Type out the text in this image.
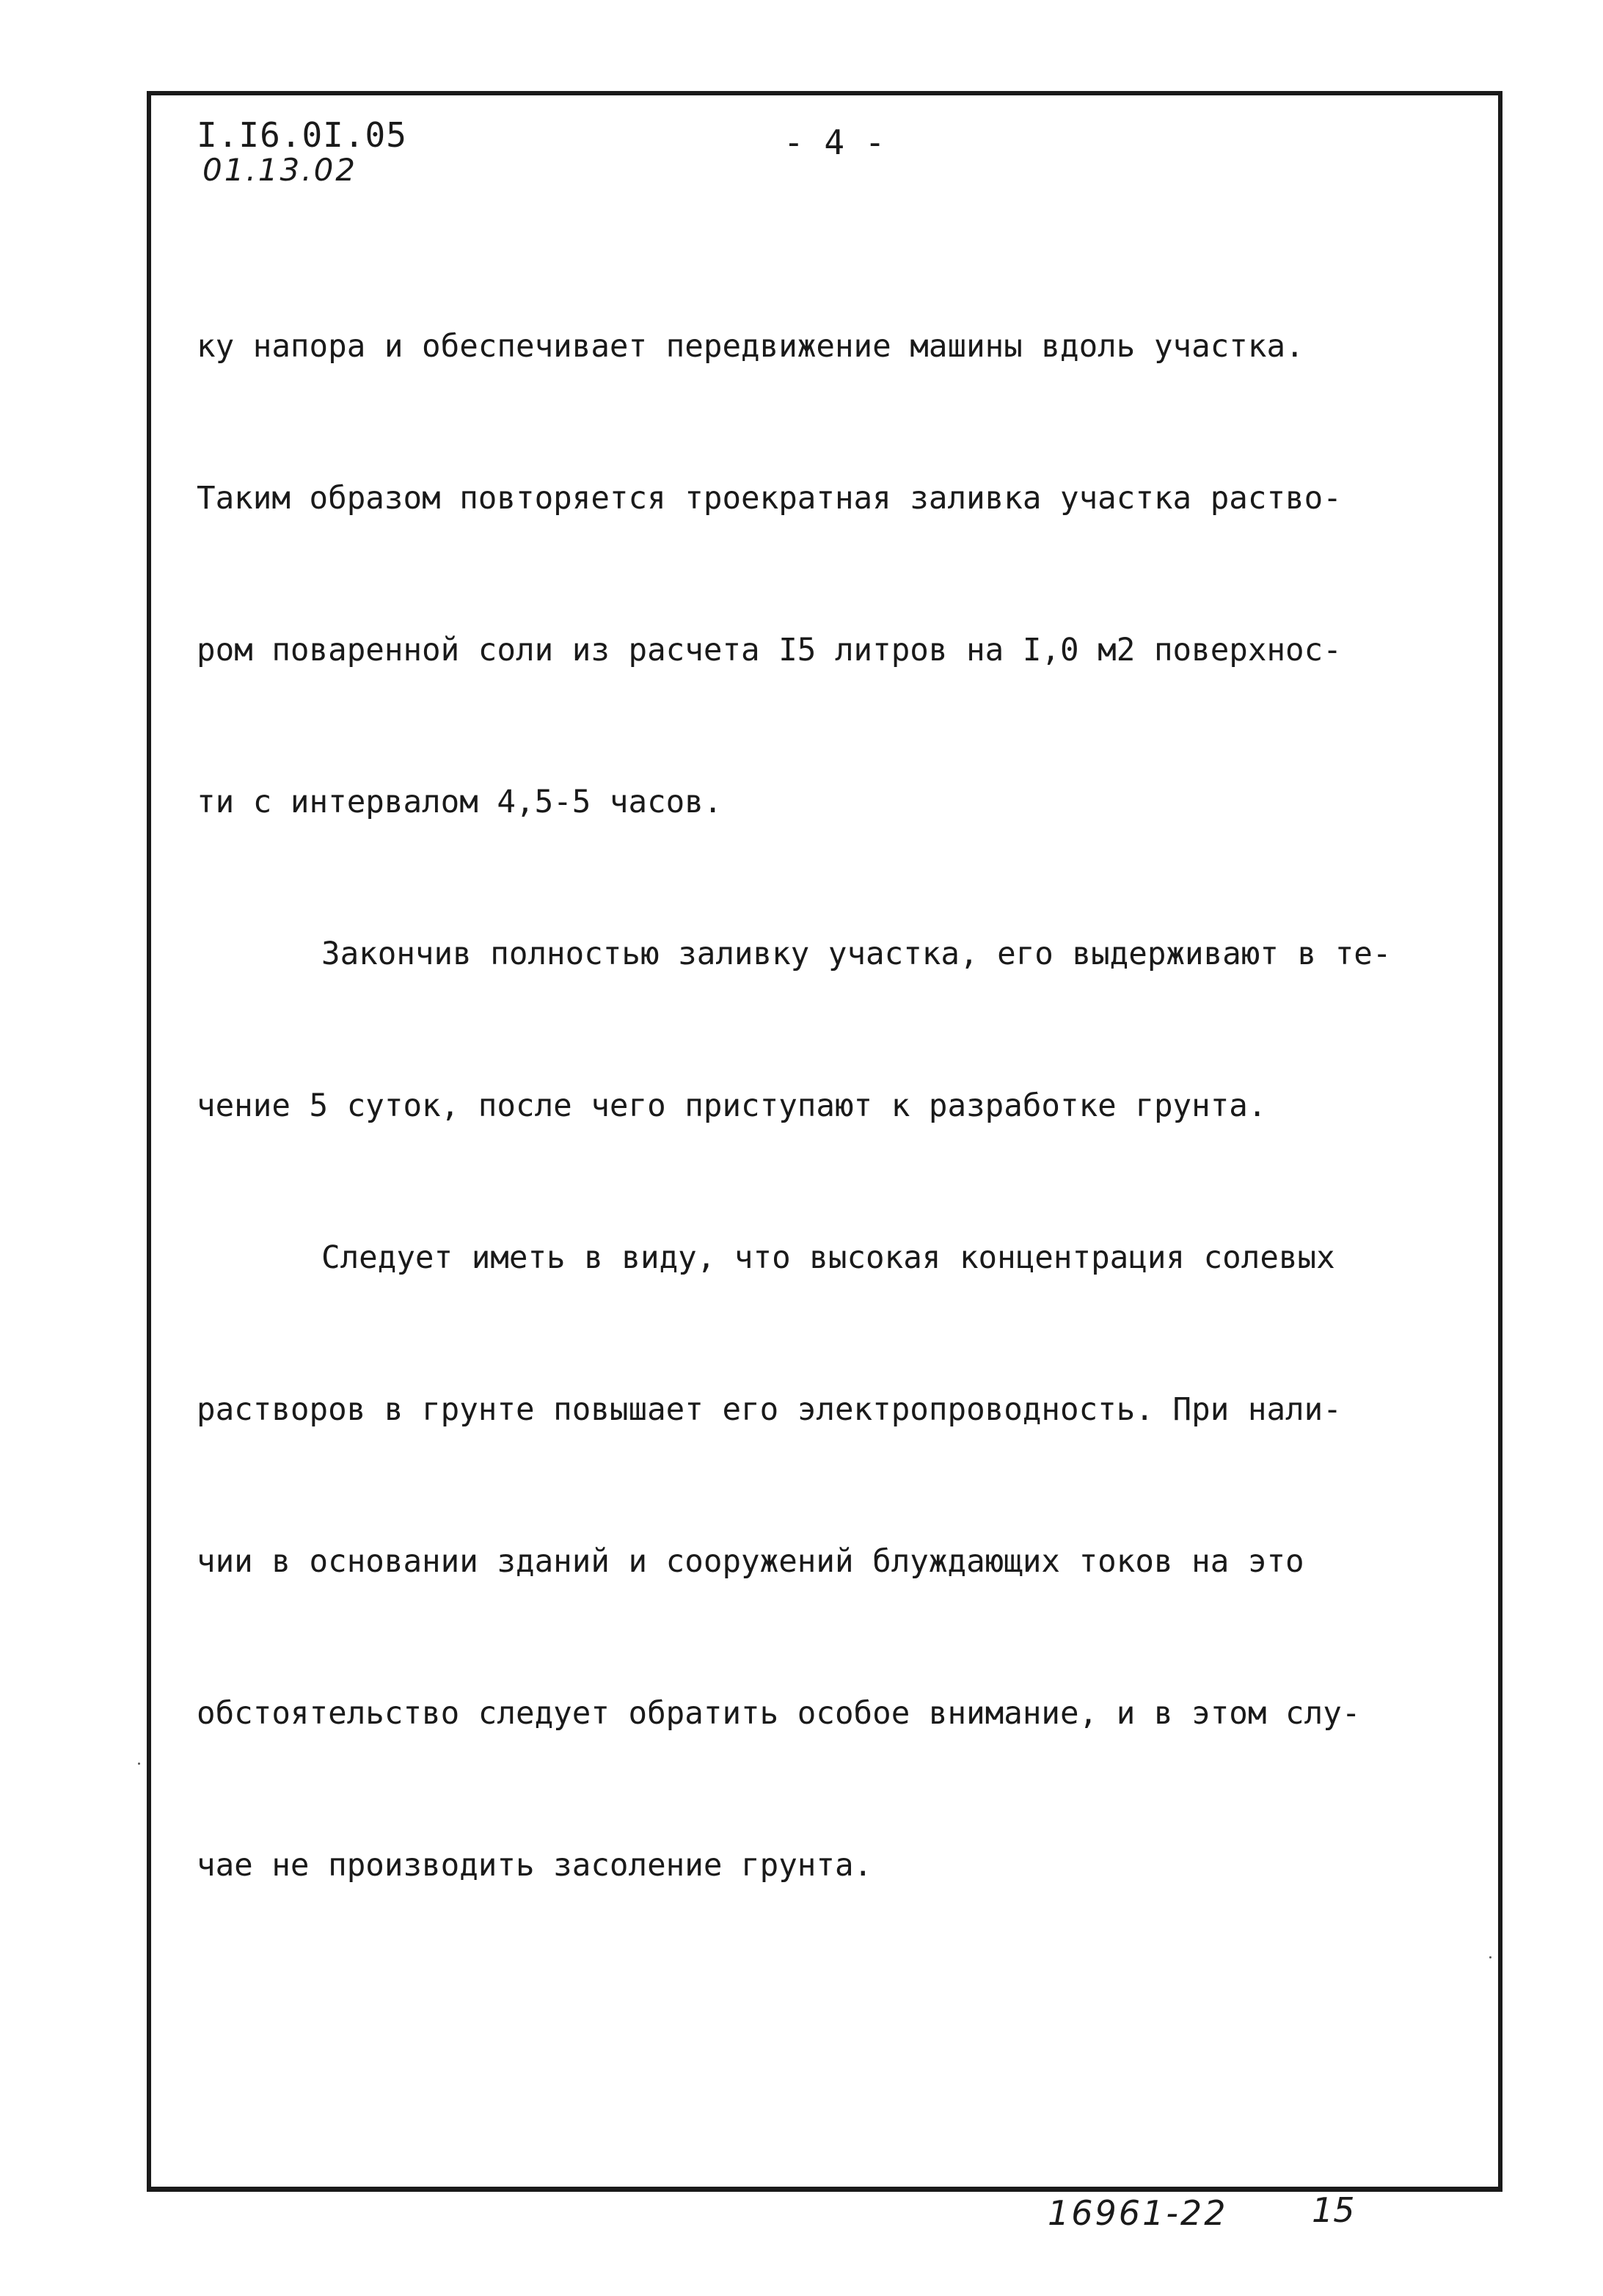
I.I6.0I.05
01.13.02
- 4 -

ку напора и обеспечивает передвижение машины вдоль участка.

Таким образом повторяется троекратная заливка участка раство-

ром поваренной соли из расчета I5 литров на I,0 м2 поверхнос-

ти с интервалом 4,5-5 часов.

Закончив полностью заливку участка, его выдерживают в те-

чение 5 суток, после чего приступают к разработке грунта.

Следует иметь в виду, что высокая концентрация солевых

растворов в грунте повышает его электропроводность. При нали-

чии в основании зданий и сооружений блуждающих токов на это

обстоятельство следует обратить особое внимание, и в этом слу-

чае не производить засоление грунта.

16961-22 15
